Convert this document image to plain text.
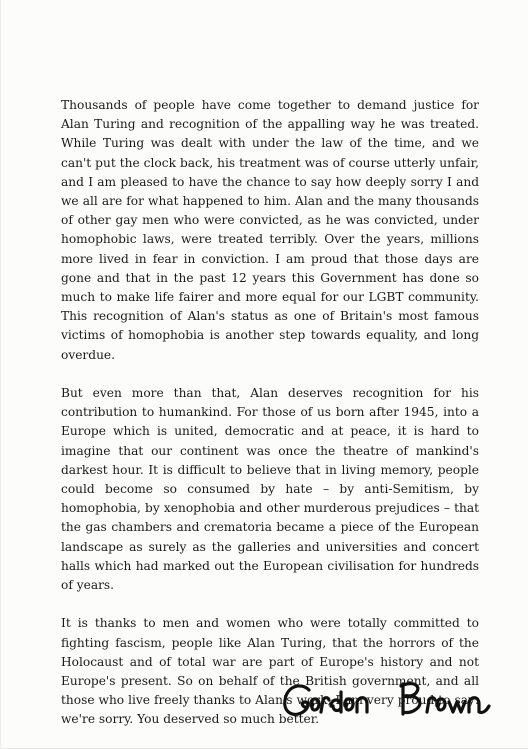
Thousands of people have come together to demand justice for Alan Turing and recognition of the appalling way he was treated. While Turing was dealt with under the law of the time, and we can't put the clock back, his treatment was of course utterly unfair, and I am pleased to have the chance to say how deeply sorry I and we all are for what happened to him. Alan and the many thousands of other gay men who were convicted, as he was convicted, under homophobic laws, were treated terribly. Over the years, millions more lived in fear in conviction. I am proud that those days are gone and that in the past 12 years this Government has done so much to make life fairer and more equal for our LGBT community. This recognition of Alan's status as one of Britain's most famous victims of homophobia is another step towards equality, and long overdue.

But even more than that, Alan deserves recognition for his contribution to humankind. For those of us born after 1945, into a Europe which is united, democratic and at peace, it is hard to imagine that our continent was once the theatre of mankind's darkest hour. It is difficult to believe that in living memory, people could become so consumed by hate – by anti-Semitism, by homophobia, by xenophobia and other murderous prejudices – that the gas chambers and crematoria became a piece of the European landscape as surely as the galleries and universities and concert halls which had marked out the European civilisation for hundreds of years.

It is thanks to men and women who were totally committed to fighting fascism, people like Alan Turing, that the horrors of the Holocaust and of total war are part of Europe's history and not Europe's present. So on behalf of the British government, and all those who live freely thanks to Alan's work, I am very proud to say: we're sorry. You deserved so much better.
